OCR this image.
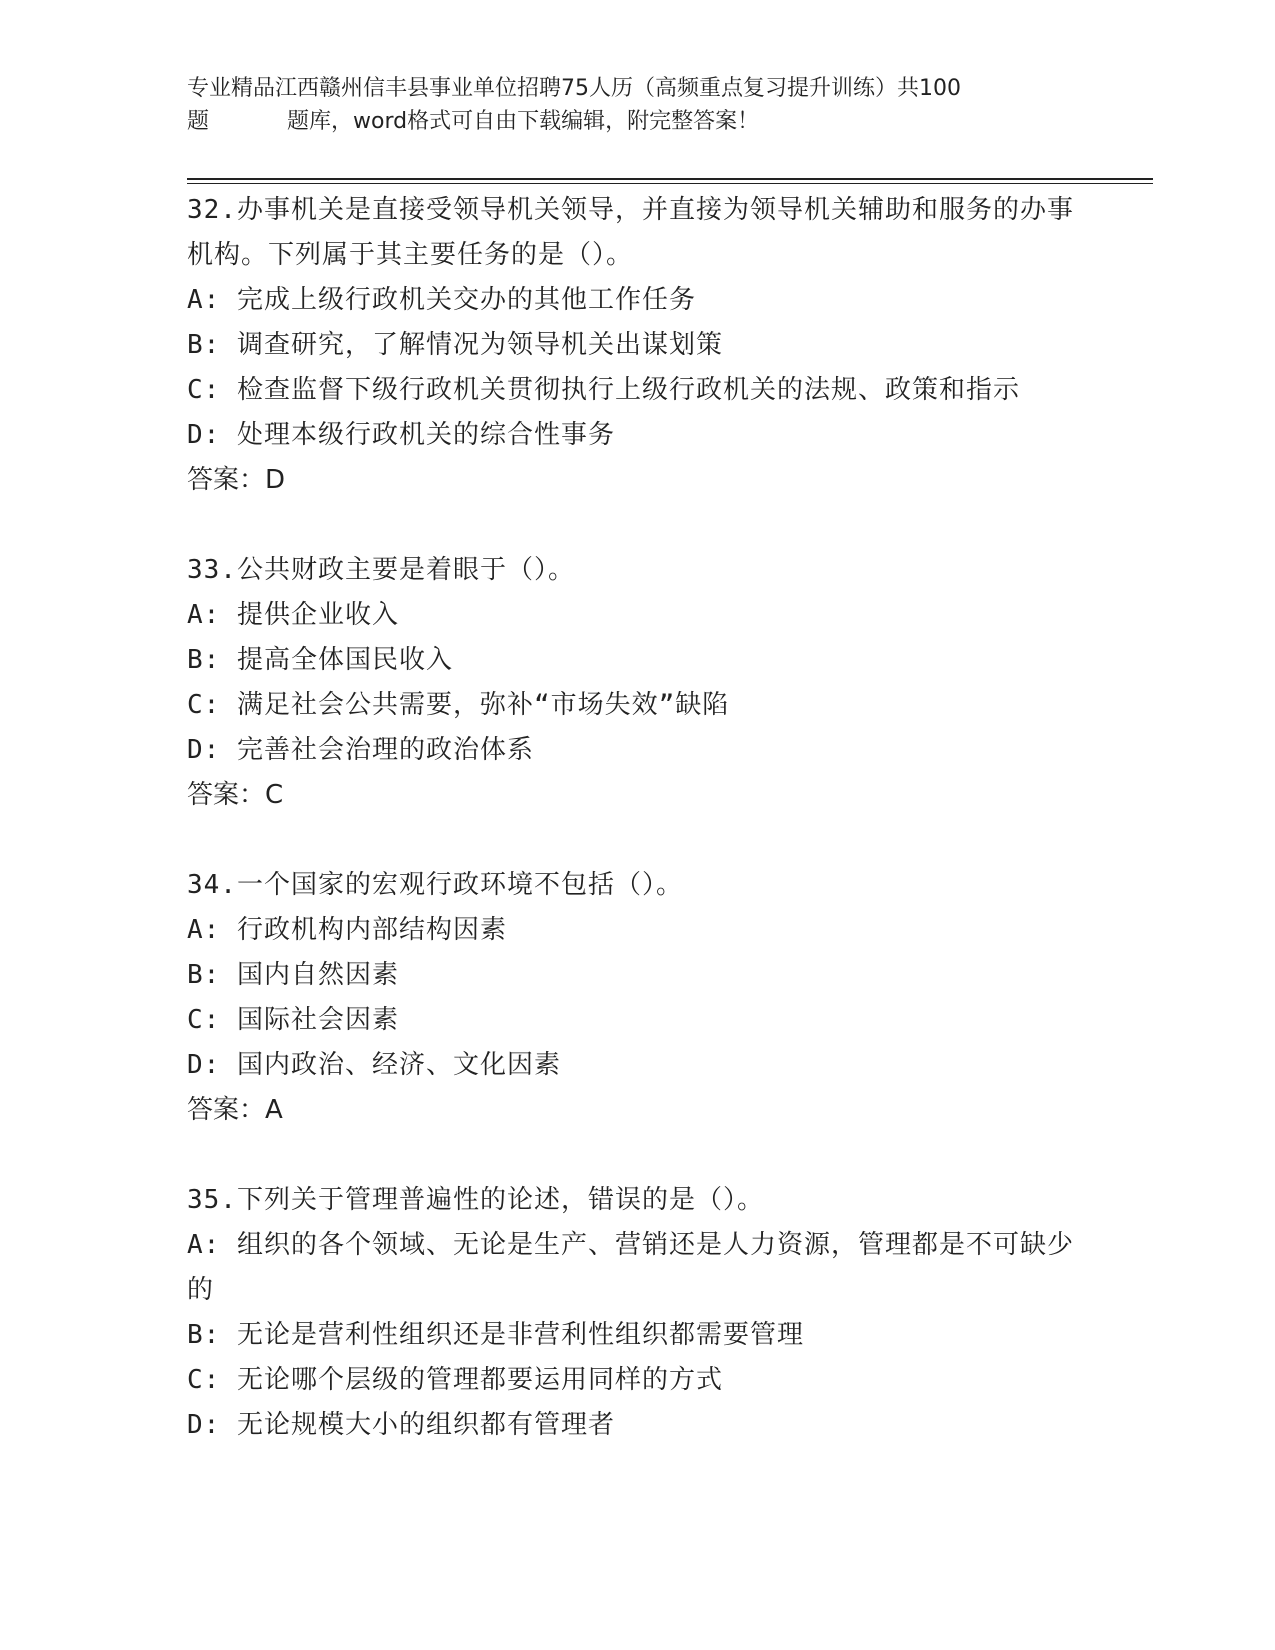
专业精品江西赣州信丰县事业单位招聘75人历（高频重点复习提升训练）共100
题	题库，word格式可自由下载编辑，附完整答案！
32.办事机关是直接受领导机关领导，并直接为领导机关辅助和服务的办事机构。下列属于其主要任务的是（）。
A: 完成上级行政机关交办的其他工作任务
B: 调查研究，了解情况为领导机关出谋划策
C: 检查监督下级行政机关贯彻执行上级行政机关的法规、政策和指示
D: 处理本级行政机关的综合性事务
答案：D
33.公共财政主要是着眼于（）。
A: 提供企业收入
B: 提高全体国民收入
C: 满足社会公共需要，弥补“市场失效”缺陷
D: 完善社会治理的政治体系
答案：C
34.一个国家的宏观行政环境不包括（）。
A: 行政机构内部结构因素
B: 国内自然因素
C: 国际社会因素
D: 国内政治、经济、文化因素
答案：A
35.下列关于管理普遍性的论述，错误的是（）。
A: 组织的各个领域、无论是生产、营销还是人力资源，管理都是不可缺少的
B: 无论是营利性组织还是非营利性组织都需要管理
C: 无论哪个层级的管理都要运用同样的方式
D: 无论规模大小的组织都有管理者
